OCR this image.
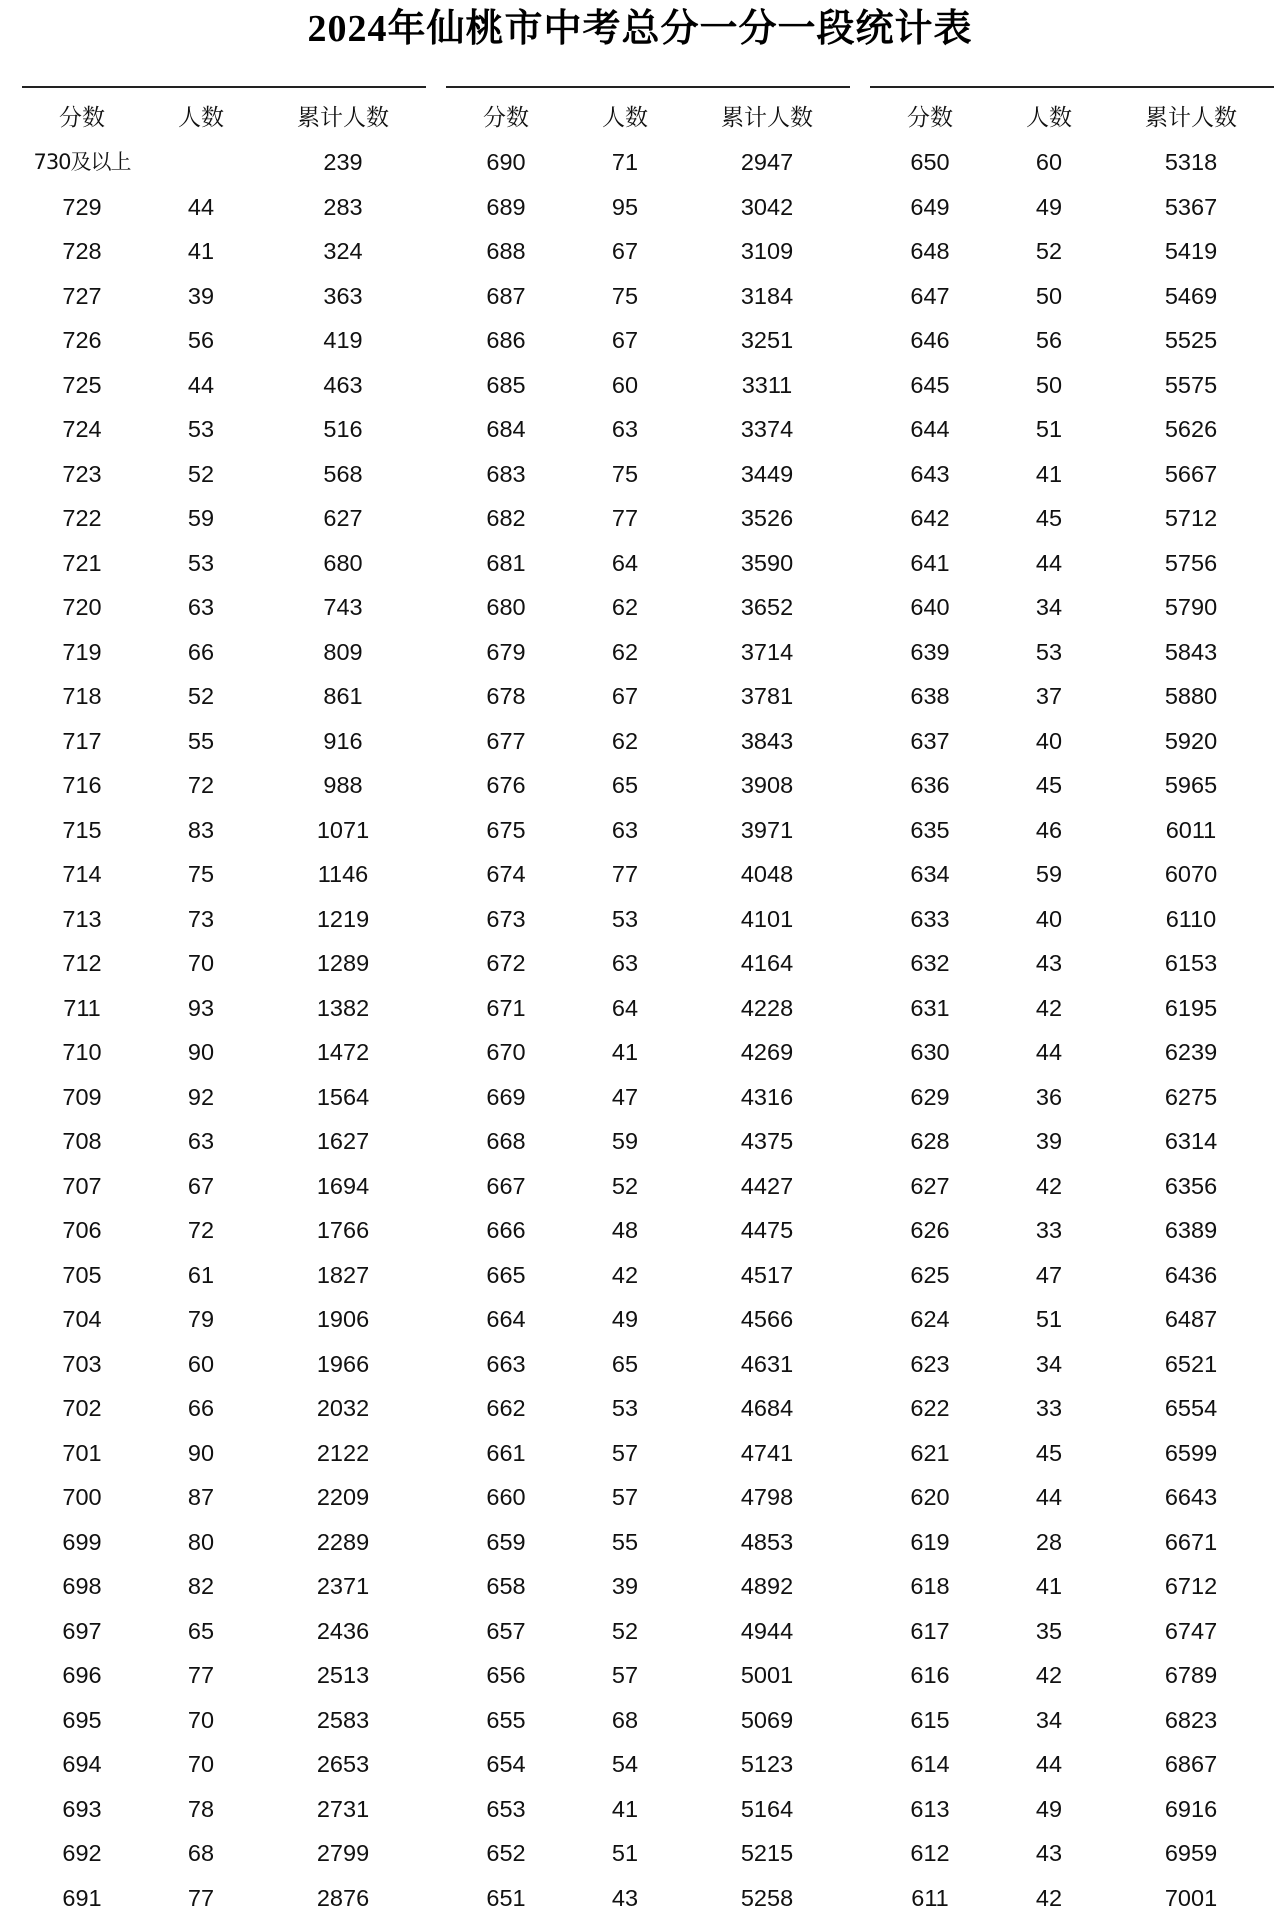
2024年仙桃市中考总分一分一段统计表
分数	人数	累计人数
730及以上		239
729	44	283
728	41	324
727	39	363
726	56	419
725	44	463
724	53	516
723	52	568
722	59	627
721	53	680
720	63	743
719	66	809
718	52	861
717	55	916
716	72	988
715	83	1071
714	75	1146
713	73	1219
712	70	1289
711	93	1382
710	90	1472
709	92	1564
708	63	1627
707	67	1694
706	72	1766
705	61	1827
704	79	1906
703	60	1966
702	66	2032
701	90	2122
700	87	2209
699	80	2289
698	82	2371
697	65	2436
696	77	2513
695	70	2583
694	70	2653
693	78	2731
692	68	2799
691	77	2876
分数	人数	累计人数
690	71	2947
689	95	3042
688	67	3109
687	75	3184
686	67	3251
685	60	3311
684	63	3374
683	75	3449
682	77	3526
681	64	3590
680	62	3652
679	62	3714
678	67	3781
677	62	3843
676	65	3908
675	63	3971
674	77	4048
673	53	4101
672	63	4164
671	64	4228
670	41	4269
669	47	4316
668	59	4375
667	52	4427
666	48	4475
665	42	4517
664	49	4566
663	65	4631
662	53	4684
661	57	4741
660	57	4798
659	55	4853
658	39	4892
657	52	4944
656	57	5001
655	68	5069
654	54	5123
653	41	5164
652	51	5215
651	43	5258
分数	人数	累计人数
650	60	5318
649	49	5367
648	52	5419
647	50	5469
646	56	5525
645	50	5575
644	51	5626
643	41	5667
642	45	5712
641	44	5756
640	34	5790
639	53	5843
638	37	5880
637	40	5920
636	45	5965
635	46	6011
634	59	6070
633	40	6110
632	43	6153
631	42	6195
630	44	6239
629	36	6275
628	39	6314
627	42	6356
626	33	6389
625	47	6436
624	51	6487
623	34	6521
622	33	6554
621	45	6599
620	44	6643
619	28	6671
618	41	6712
617	35	6747
616	42	6789
615	34	6823
614	44	6867
613	49	6916
612	43	6959
611	42	7001
